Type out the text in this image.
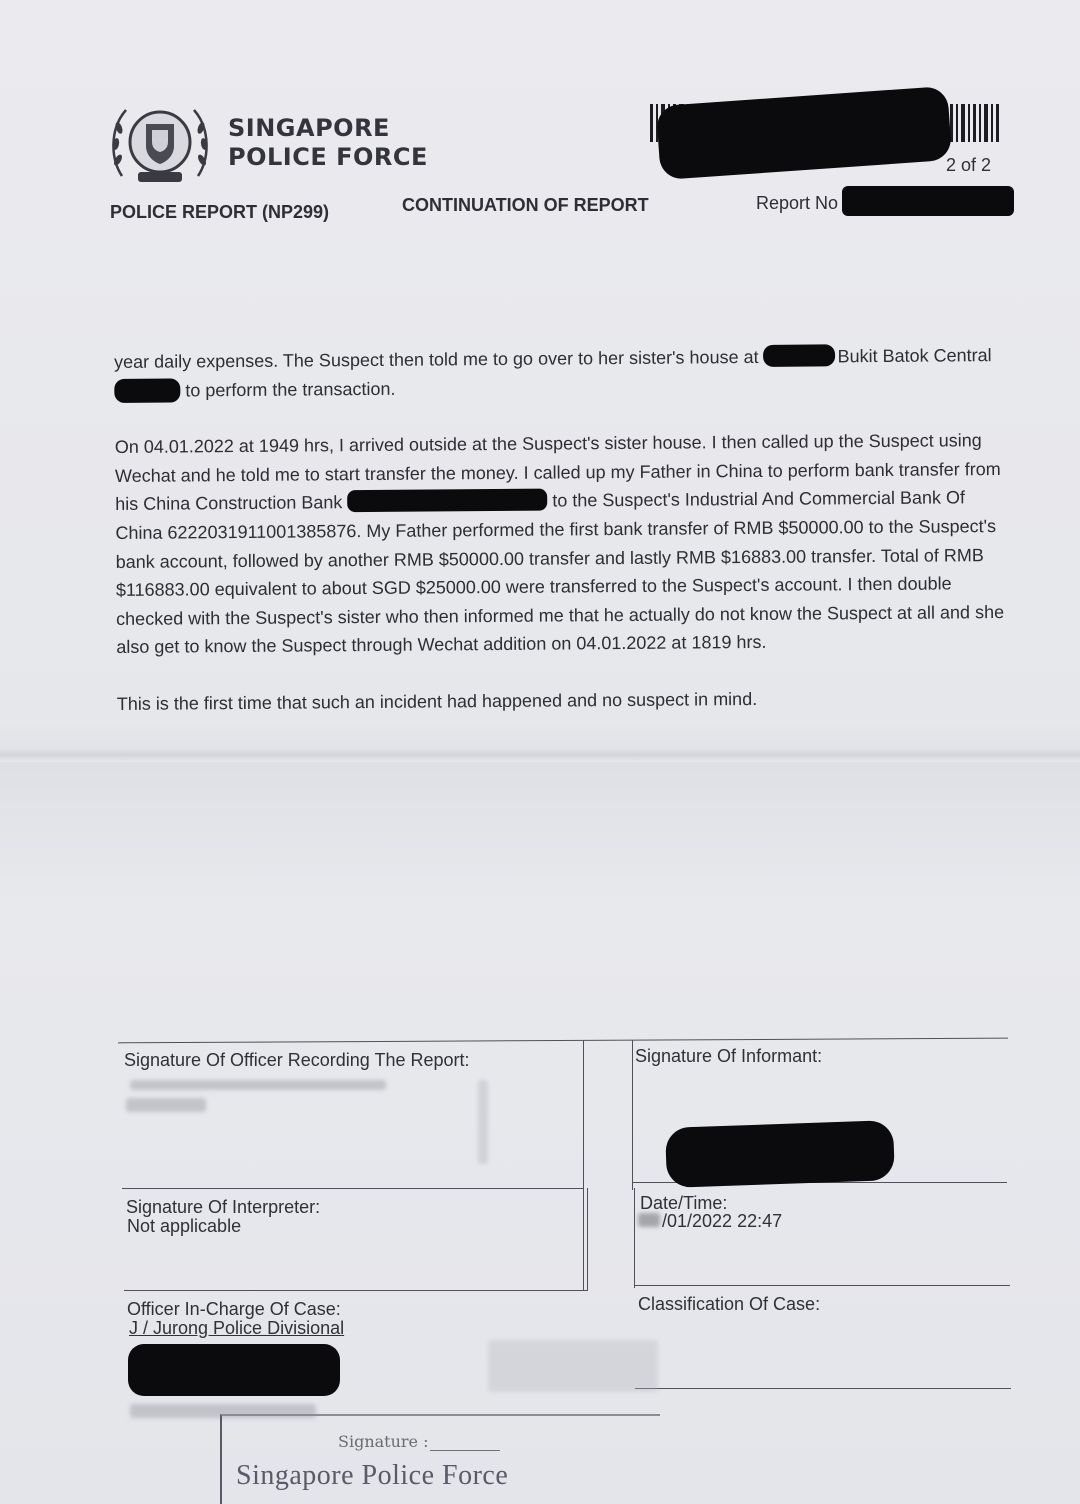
SINGAPORE
POLICE FORCE
POLICE REPORT (NP299)	CONTINUATION OF REPORT	Report No
2 of 2

year daily expenses. The Suspect then told me to go over to her sister's house at	Bukit Batok Central  to perform the transaction.

On 04.01.2022 at 1949 hrs, I arrived outside at the Suspect's sister house. I then called up the Suspect using Wechat and he told me to start transfer the money. I called up my Father in China to perform bank transfer from his China Construction Bank	to the Suspect's Industrial And Commercial Bank Of China 6222031911001385876. My Father performed the first bank transfer of RMB $50000.00 to the Suspect's bank account, followed by another RMB $50000.00 transfer and lastly RMB $16883.00 transfer. Total of RMB $116883.00 equivalent to about SGD $25000.00 were transferred to the Suspect's account. I then double checked with the Suspect's sister who then informed me that he actually do not know the Suspect at all and she also get to know the Suspect through Wechat addition on 04.01.2022 at 1819 hrs.

This is the first time that such an incident had happened and no suspect in mind.

Signature Of Officer Recording The Report:	Signature Of Informant:
Signature Of Interpreter:
Not applicable
Date/Time:
/01/2022 22:47
Officer In-Charge Of Case:
J / Jurong Police Divisional
Classification Of Case:
Signature :
Singapore Police Force
